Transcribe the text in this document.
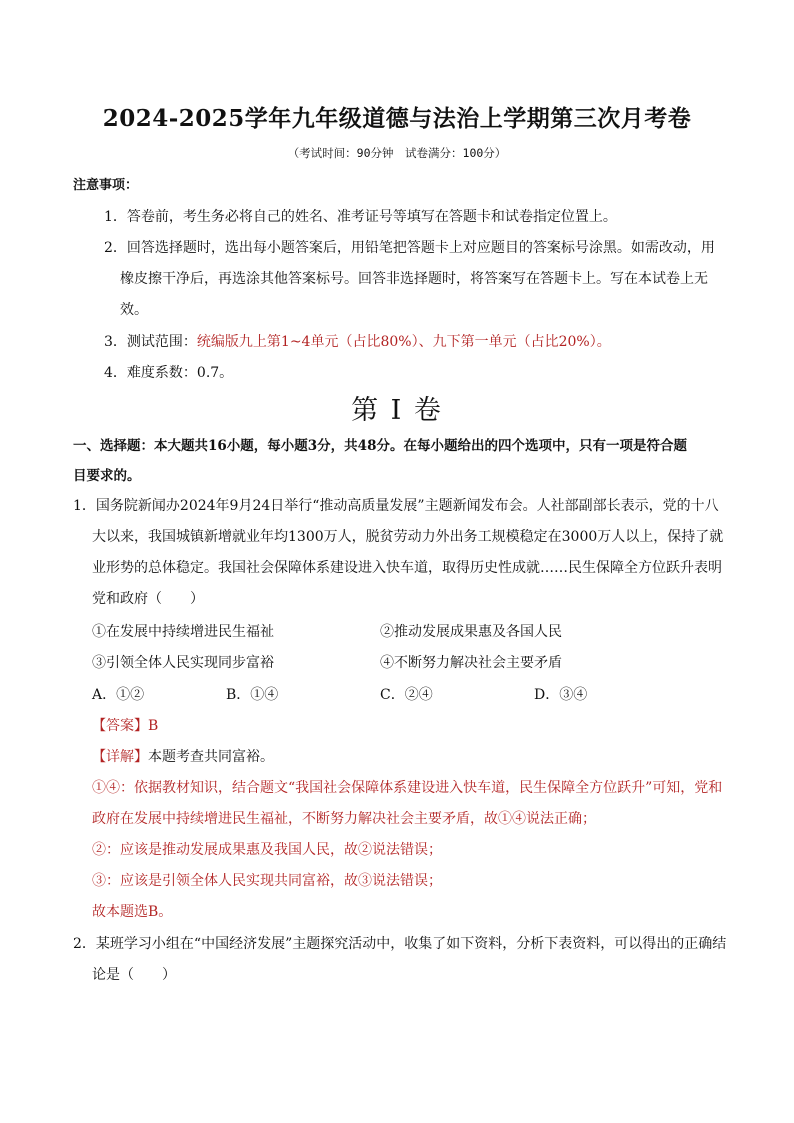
2024-2025学年九年级道德与法治上学期第三次月考卷
（考试时间：90分钟　试卷满分：100分）
注意事项：
1．答卷前，考生务必将自己的姓名、准考证号等填写在答题卡和试卷指定位置上。
2．回答选择题时，选出每小题答案后，用铅笔把答题卡上对应题目的答案标号涂黑。如需改动，用
橡皮擦干净后，再选涂其他答案标号。回答非选择题时，将答案写在答题卡上。写在本试卷上无
效。
3．测试范围：统编版九上第1~4单元（占比80%）、九下第一单元（占比20%）。
4．难度系数：0.7。
第 I 卷
一、选择题：本大题共16小题，每小题3分，共48分。在每小题给出的四个选项中，只有一项是符合题
目要求的。
1．国务院新闻办2024年9月24日举行“推动高质量发展”主题新闻发布会。人社部副部长表示，党的十八
大以来，我国城镇新增就业年均1300万人，脱贫劳动力外出务工规模稳定在3000万人以上，保持了就
业形势的总体稳定。我国社会保障体系建设进入快车道，取得历史性成就……民生保障全方位跃升表明
党和政府（　　）
①在发展中持续增进民生福祉	②推动发展成果惠及各国人民
③引领全体人民实现同步富裕	④不断努力解决社会主要矛盾
A．①②	B．①④	C．②④	D．③④
【答案】B
【详解】本题考查共同富裕。
①④：依据教材知识，结合题文“我国社会保障体系建设进入快车道，民生保障全方位跃升”可知，党和
政府在发展中持续增进民生福祉，不断努力解决社会主要矛盾，故①④说法正确；
②：应该是推动发展成果惠及我国人民，故②说法错误；
③：应该是引领全体人民实现共同富裕，故③说法错误；
故本题选B。
2．某班学习小组在“中国经济发展”主题探究活动中，收集了如下资料，分析下表资料，可以得出的正确结
论是（　　）
